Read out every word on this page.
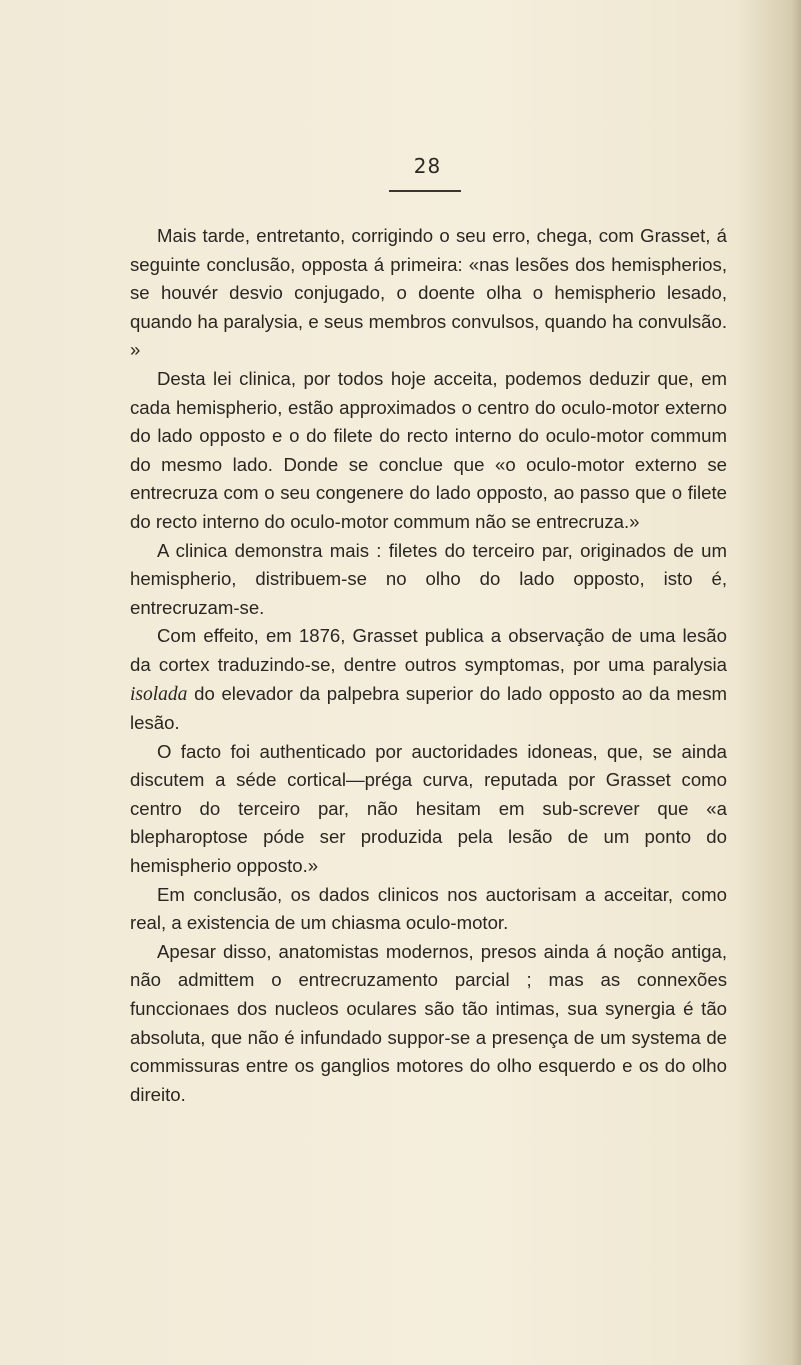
28

Mais tarde, entretanto, corrigindo o seu erro, chega, com Grasset, á seguinte conclusão, opposta á primeira: «nas lesões dos hemispherios, se houvér desvio conjugado, o doente olha o hemispherio lesado, quando ha paralysia, e seus membros convulsos, quando ha convulsão. »

Desta lei clinica, por todos hoje acceita, podemos deduzir que, em cada hemispherio, estão approximados o centro do oculo-motor externo do lado opposto e o do filete do recto interno do oculo-motor commum do mesmo lado. Donde se conclue que «o oculo-motor externo se entrecruza com o seu congenere do lado opposto, ao passo que o filete do recto interno do oculo-motor commum não se entrecruza.»

A clinica demonstra mais : filetes do terceiro par, originados de um hemispherio, distribuem-se no olho do lado opposto, isto é, entrecruzam-se.

Com effeito, em 1876, Grasset publica a observação de uma lesão da cortex traduzindo-se, dentre outros symptomas, por uma paralysia isolada do elevador da palpebra superior do lado opposto ao da mesm lesão.

O facto foi authenticado por auctoridades idoneas, que, se ainda discutem a séde cortical—préga curva, reputada por Grasset como centro do terceiro par, não hesitam em sub-screver que «a blepharoptose póde ser produzida pela lesão de um ponto do hemispherio opposto.»

Em conclusão, os dados clinicos nos auctorisam a acceitar, como real, a existencia de um chiasma oculo-motor.

Apesar disso, anatomistas modernos, presos ainda á noção antiga, não admittem o entrecruzamento parcial ; mas as connexões funccionaes dos nucleos oculares são tão intimas, sua synergia é tão absoluta, que não é infundado suppor-se a presença de um systema de commissuras entre os ganglios motores do olho esquerdo e os do olho direito.
